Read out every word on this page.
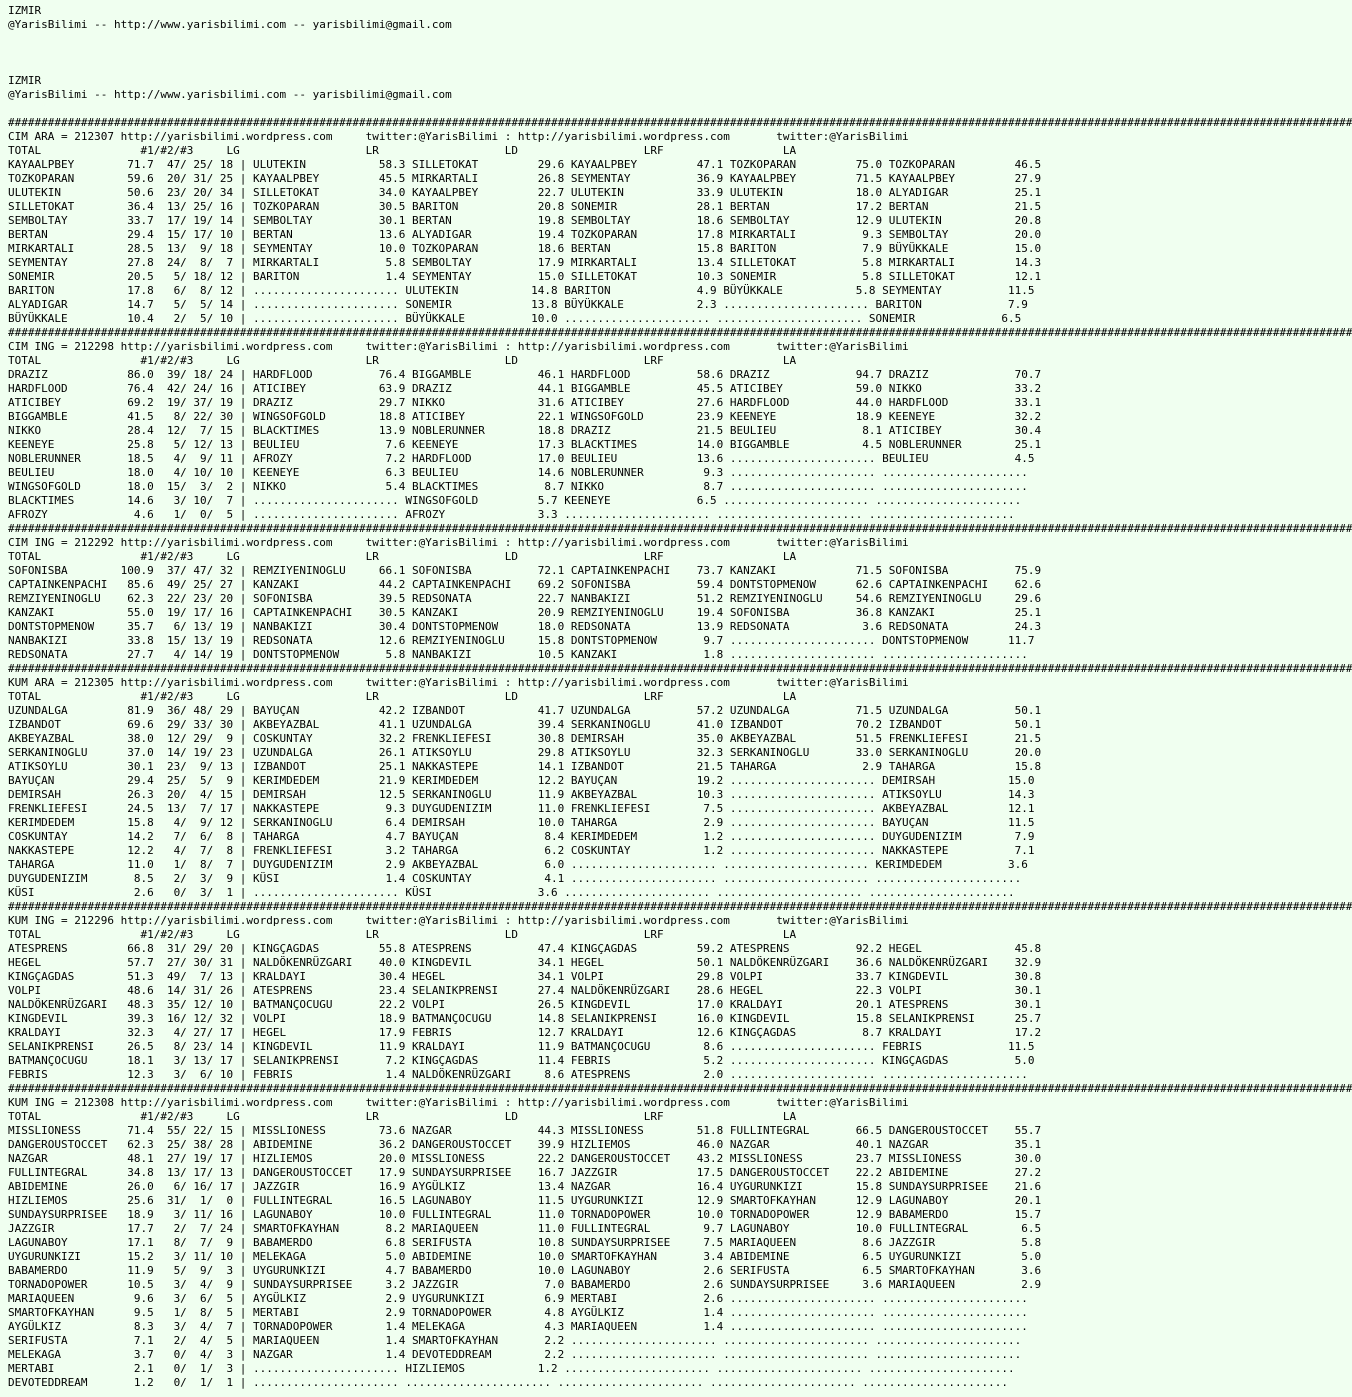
IZMIR
@YarisBilimi -- http://www.yarisbilimi.com -- yarisbilimi@gmail.com
IZMIR
@YarisBilimi -- http://www.yarisbilimi.com -- yarisbilimi@gmail.com
###########################################################################################################################################################################################################
CIM ARA = 212307 http://yarisbilimi.wordpress.com     twitter:@YarisBilimi : http://yarisbilimi.wordpress.com       twitter:@YarisBilimi
TOTAL               #1/#2/#3     LG                   LR                   LD                   LRF                  LA
KAYAALPBEY        71.7  47/ 25/ 18 | ULUTEKIN           58.3 SILLETOKAT         29.6 KAYAALPBEY         47.1 TOZKOPARAN         75.0 TOZKOPARAN         46.5
TOZKOPARAN        59.6  20/ 31/ 25 | KAYAALPBEY         45.5 MIRKARTALI         26.8 SEYMENTAY          36.9 KAYAALPBEY         71.5 KAYAALPBEY         27.9
ULUTEKIN          50.6  23/ 20/ 34 | SILLETOKAT         34.0 KAYAALPBEY         22.7 ULUTEKIN           33.9 ULUTEKIN           18.0 ALYADIGAR          25.1
SILLETOKAT        36.4  13/ 25/ 16 | TOZKOPARAN         30.5 BARITON            20.8 SONEMIR            28.1 BERTAN             17.2 BERTAN             21.5
SEMBOLTAY         33.7  17/ 19/ 14 | SEMBOLTAY          30.1 BERTAN             19.8 SEMBOLTAY          18.6 SEMBOLTAY          12.9 ULUTEKIN           20.8
BERTAN            29.4  15/ 17/ 10 | BERTAN             13.6 ALYADIGAR          19.4 TOZKOPARAN         17.8 MIRKARTALI          9.3 SEMBOLTAY          20.0
MIRKARTALI        28.5  13/  9/ 18 | SEYMENTAY          10.0 TOZKOPARAN         18.6 BERTAN             15.8 BARITON             7.9 BÜYÜKKALE          15.0
SEYMENTAY         27.8  24/  8/  7 | MIRKARTALI          5.8 SEMBOLTAY          17.9 MIRKARTALI         13.4 SILLETOKAT          5.8 MIRKARTALI         14.3
SONEMIR           20.5   5/ 18/ 12 | BARITON             1.4 SEYMENTAY          15.0 SILLETOKAT         10.3 SONEMIR             5.8 SILLETOKAT         12.1
BARITON           17.8   6/  8/ 12 | ...................... ULUTEKIN           14.8 BARITON             4.9 BÜYÜKKALE           5.8 SEYMENTAY          11.5
ALYADIGAR         14.7   5/  5/ 14 | ...................... SONEMIR            13.8 BÜYÜKKALE           2.3 ...................... BARITON             7.9
BÜYÜKKALE         10.4   2/  5/ 10 | ...................... BÜYÜKKALE          10.0 ...................... ...................... SONEMIR             6.5
###########################################################################################################################################################################################################
CIM ING = 212298 http://yarisbilimi.wordpress.com     twitter:@YarisBilimi : http://yarisbilimi.wordpress.com       twitter:@YarisBilimi
TOTAL               #1/#2/#3     LG                   LR                   LD                   LRF                  LA
DRAZIZ            86.0  39/ 18/ 24 | HARDFLOOD          76.4 BIGGAMBLE          46.1 HARDFLOOD          58.6 DRAZIZ             94.7 DRAZIZ             70.7
HARDFLOOD         76.4  42/ 24/ 16 | ATICIBEY           63.9 DRAZIZ             44.1 BIGGAMBLE          45.5 ATICIBEY           59.0 NIKKO              33.2
ATICIBEY          69.2  19/ 37/ 19 | DRAZIZ             29.7 NIKKO              31.6 ATICIBEY           27.6 HARDFLOOD          44.0 HARDFLOOD          33.1
BIGGAMBLE         41.5   8/ 22/ 30 | WINGSOFGOLD        18.8 ATICIBEY           22.1 WINGSOFGOLD        23.9 KEENEYE            18.9 KEENEYE            32.2
NIKKO             28.4  12/  7/ 15 | BLACKTIMES         13.9 NOBLERUNNER        18.8 DRAZIZ             21.5 BEULIEU             8.1 ATICIBEY           30.4
KEENEYE           25.8   5/ 12/ 13 | BEULIEU             7.6 KEENEYE            17.3 BLACKTIMES         14.0 BIGGAMBLE           4.5 NOBLERUNNER        25.1
NOBLERUNNER       18.5   4/  9/ 11 | AFROZY              7.2 HARDFLOOD          17.0 BEULIEU            13.6 ...................... BEULIEU             4.5
BEULIEU           18.0   4/ 10/ 10 | KEENEYE             6.3 BEULIEU            14.6 NOBLERUNNER         9.3 ...................... ......................
WINGSOFGOLD       18.0  15/  3/  2 | NIKKO               5.4 BLACKTIMES          8.7 NIKKO               8.7 ...................... ......................
BLACKTIMES        14.6   3/ 10/  7 | ...................... WINGSOFGOLD         5.7 KEENEYE             6.5 ...................... ......................
AFROZY             4.6   1/  0/  5 | ...................... AFROZY              3.3 ...................... ...................... ......................
###########################################################################################################################################################################################################
CIM ING = 212292 http://yarisbilimi.wordpress.com     twitter:@YarisBilimi : http://yarisbilimi.wordpress.com       twitter:@YarisBilimi
TOTAL               #1/#2/#3     LG                   LR                   LD                   LRF                  LA
SOFONISBA        100.9  37/ 47/ 32 | REMZIYENINOGLU     66.1 SOFONISBA          72.1 CAPTAINKENPACHI    73.7 KANZAKI            71.5 SOFONISBA          75.9
CAPTAINKENPACHI   85.6  49/ 25/ 27 | KANZAKI            44.2 CAPTAINKENPACHI    69.2 SOFONISBA          59.4 DONTSTOPMENOW      62.6 CAPTAINKENPACHI    62.6
REMZIYENINOGLU    62.3  22/ 23/ 20 | SOFONISBA          39.5 REDSONATA          22.7 NANBAKIZI          51.2 REMZIYENINOGLU     54.6 REMZIYENINOGLU     29.6
KANZAKI           55.0  19/ 17/ 16 | CAPTAINKENPACHI    30.5 KANZAKI            20.9 REMZIYENINOGLU     19.4 SOFONISBA          36.8 KANZAKI            25.1
DONTSTOPMENOW     35.7   6/ 13/ 19 | NANBAKIZI          30.4 DONTSTOPMENOW      18.0 REDSONATA          13.9 REDSONATA           3.6 REDSONATA          24.3
NANBAKIZI         33.8  15/ 13/ 19 | REDSONATA          12.6 REMZIYENINOGLU     15.8 DONTSTOPMENOW       9.7 ...................... DONTSTOPMENOW      11.7
REDSONATA         27.7   4/ 14/ 19 | DONTSTOPMENOW       5.8 NANBAKIZI          10.5 KANZAKI             1.8 ...................... ......................
###########################################################################################################################################################################################################
KUM ARA = 212305 http://yarisbilimi.wordpress.com     twitter:@YarisBilimi : http://yarisbilimi.wordpress.com       twitter:@YarisBilimi
TOTAL               #1/#2/#3     LG                   LR                   LD                   LRF                  LA
UZUNDALGA         81.9  36/ 48/ 29 | BAYUÇAN            42.2 IZBANDOT           41.7 UZUNDALGA          57.2 UZUNDALGA          71.5 UZUNDALGA          50.1
IZBANDOT          69.6  29/ 33/ 30 | AKBEYAZBAL         41.1 UZUNDALGA          39.4 SERKANINOGLU       41.0 IZBANDOT           70.2 IZBANDOT           50.1
AKBEYAZBAL        38.0  12/ 29/  9 | COSKUNTAY          32.2 FRENKLIEFESI       30.8 DEMIRSAH           35.0 AKBEYAZBAL         51.5 FRENKLIEFESI       21.5
SERKANINOGLU      37.0  14/ 19/ 23 | UZUNDALGA          26.1 ATIKSOYLU          29.8 ATIKSOYLU          32.3 SERKANINOGLU       33.0 SERKANINOGLU       20.0
ATIKSOYLU         30.1  23/  9/ 13 | IZBANDOT           25.1 NAKKASTEPE         14.1 IZBANDOT           21.5 TAHARGA             2.9 TAHARGA            15.8
BAYUÇAN           29.4  25/  5/  9 | KERIMDEDEM         21.9 KERIMDEDEM         12.2 BAYUÇAN            19.2 ...................... DEMIRSAH           15.0
DEMIRSAH          26.3  20/  4/ 15 | DEMIRSAH           12.5 SERKANINOGLU       11.9 AKBEYAZBAL         10.3 ...................... ATIKSOYLU          14.3
FRENKLIEFESI      24.5  13/  7/ 17 | NAKKASTEPE          9.3 DUYGUDENIZIM       11.0 FRENKLIEFESI        7.5 ...................... AKBEYAZBAL         12.1
KERIMDEDEM        15.8   4/  9/ 12 | SERKANINOGLU        6.4 DEMIRSAH           10.0 TAHARGA             2.9 ...................... BAYUÇAN            11.5
COSKUNTAY         14.2   7/  6/  8 | TAHARGA             4.7 BAYUÇAN             8.4 KERIMDEDEM          1.2 ...................... DUYGUDENIZIM        7.9
NAKKASTEPE        12.2   4/  7/  8 | FRENKLIEFESI        3.2 TAHARGA             6.2 COSKUNTAY           1.2 ...................... NAKKASTEPE          7.1
TAHARGA           11.0   1/  8/  7 | DUYGUDENIZIM        2.9 AKBEYAZBAL          6.0 ...................... ...................... KERIMDEDEM          3.6
DUYGUDENIZIM       8.5   2/  3/  9 | KÜSI                1.4 COSKUNTAY           4.1 ...................... ...................... ......................
KÜSI               2.6   0/  3/  1 | ...................... KÜSI                3.6 ...................... ...................... ......................
###########################################################################################################################################################################################################
KUM ING = 212296 http://yarisbilimi.wordpress.com     twitter:@YarisBilimi : http://yarisbilimi.wordpress.com       twitter:@YarisBilimi
TOTAL               #1/#2/#3     LG                   LR                   LD                   LRF                  LA
ATESPRENS         66.8  31/ 29/ 20 | KINGÇAGDAS         55.8 ATESPRENS          47.4 KINGÇAGDAS         59.2 ATESPRENS          92.2 HEGEL              45.8
HEGEL             57.7  27/ 30/ 31 | NALDÖKENRÜZGARI    40.0 KINGDEVIL          34.1 HEGEL              50.1 NALDÖKENRÜZGARI    36.6 NALDÖKENRÜZGARI    32.9
KINGÇAGDAS        51.3  49/  7/ 13 | KRALDAYI           30.4 HEGEL              34.1 VOLPI              29.8 VOLPI              33.7 KINGDEVIL          30.8
VOLPI             48.6  14/ 31/ 26 | ATESPRENS          23.4 SELANIKPRENSI      27.4 NALDÖKENRÜZGARI    28.6 HEGEL              22.3 VOLPI              30.1
NALDÖKENRÜZGARI   48.3  35/ 12/ 10 | BATMANÇOCUGU       22.2 VOLPI              26.5 KINGDEVIL          17.0 KRALDAYI           20.1 ATESPRENS          30.1
KINGDEVIL         39.3  16/ 12/ 32 | VOLPI              18.9 BATMANÇOCUGU       14.8 SELANIKPRENSI      16.0 KINGDEVIL          15.8 SELANIKPRENSI      25.7
KRALDAYI          32.3   4/ 27/ 17 | HEGEL              17.9 FEBRIS             12.7 KRALDAYI           12.6 KINGÇAGDAS          8.7 KRALDAYI           17.2
SELANIKPRENSI     26.5   8/ 23/ 14 | KINGDEVIL          11.9 KRALDAYI           11.9 BATMANÇOCUGU        8.6 ...................... FEBRIS             11.5
BATMANÇOCUGU      18.1   3/ 13/ 17 | SELANIKPRENSI       7.2 KINGÇAGDAS         11.4 FEBRIS              5.2 ...................... KINGÇAGDAS          5.0
FEBRIS            12.3   3/  6/ 10 | FEBRIS              1.4 NALDÖKENRÜZGARI     8.6 ATESPRENS           2.0 ...................... ......................
###########################################################################################################################################################################################################
KUM ING = 212308 http://yarisbilimi.wordpress.com     twitter:@YarisBilimi : http://yarisbilimi.wordpress.com       twitter:@YarisBilimi
TOTAL               #1/#2/#3     LG                   LR                   LD                   LRF                  LA
MISSLIONESS       71.4  55/ 22/ 15 | MISSLIONESS        73.6 NAZGAR             44.3 MISSLIONESS        51.8 FULLINTEGRAL       66.5 DANGEROUSTOCCET    55.7
DANGEROUSTOCCET   62.3  25/ 38/ 28 | ABIDEMINE          36.2 DANGEROUSTOCCET    39.9 HIZLIEMOS          46.0 NAZGAR             40.1 NAZGAR             35.1
NAZGAR            48.1  27/ 19/ 17 | HIZLIEMOS          20.0 MISSLIONESS        22.2 DANGEROUSTOCCET    43.2 MISSLIONESS        23.7 MISSLIONESS        30.0
FULLINTEGRAL      34.8  13/ 17/ 13 | DANGEROUSTOCCET    17.9 SUNDAYSURPRISEE    16.7 JAZZGIR            17.5 DANGEROUSTOCCET    22.2 ABIDEMINE          27.2
ABIDEMINE         26.0   6/ 16/ 17 | JAZZGIR            16.9 AYGÜLKIZ           13.4 NAZGAR             16.4 UYGURUNKIZI        15.8 SUNDAYSURPRISEE    21.6
HIZLIEMOS         25.6  31/  1/  0 | FULLINTEGRAL       16.5 LAGUNABOY          11.5 UYGURUNKIZI        12.9 SMARTOFKAYHAN      12.9 LAGUNABOY          20.1
SUNDAYSURPRISEE   18.9   3/ 11/ 16 | LAGUNABOY          10.0 FULLINTEGRAL       11.0 TORNADOPOWER       10.0 TORNADOPOWER       12.9 BABAMERDO          15.7
JAZZGIR           17.7   2/  7/ 24 | SMARTOFKAYHAN       8.2 MARIAQUEEN         11.0 FULLINTEGRAL        9.7 LAGUNABOY          10.0 FULLINTEGRAL        6.5
LAGUNABOY         17.1   8/  7/  9 | BABAMERDO           6.8 SERIFUSTA          10.8 SUNDAYSURPRISEE     7.5 MARIAQUEEN          8.6 JAZZGIR             5.8
UYGURUNKIZI       15.2   3/ 11/ 10 | MELEKAGA            5.0 ABIDEMINE          10.0 SMARTOFKAYHAN       3.4 ABIDEMINE           6.5 UYGURUNKIZI         5.0
BABAMERDO         11.9   5/  9/  3 | UYGURUNKIZI         4.7 BABAMERDO          10.0 LAGUNABOY           2.6 SERIFUSTA           6.5 SMARTOFKAYHAN       3.6
TORNADOPOWER      10.5   3/  4/  9 | SUNDAYSURPRISEE     3.2 JAZZGIR             7.0 BABAMERDO           2.6 SUNDAYSURPRISEE     3.6 MARIAQUEEN          2.9
MARIAQUEEN         9.6   3/  6/  5 | AYGÜLKIZ            2.9 UYGURUNKIZI         6.9 MERTABI             2.6 ...................... ......................
SMARTOFKAYHAN      9.5   1/  8/  5 | MERTABI             2.9 TORNADOPOWER        4.8 AYGÜLKIZ            1.4 ...................... ......................
AYGÜLKIZ           8.3   3/  4/  7 | TORNADOPOWER        1.4 MELEKAGA            4.3 MARIAQUEEN          1.4 ...................... ......................
SERIFUSTA          7.1   2/  4/  5 | MARIAQUEEN          1.4 SMARTOFKAYHAN       2.2 ...................... ...................... ......................
MELEKAGA           3.7   0/  4/  3 | NAZGAR              1.4 DEVOTEDDREAM        2.2 ...................... ...................... ......................
MERTABI            2.1   0/  1/  3 | ...................... HIZLIEMOS           1.2 ...................... ...................... ......................
DEVOTEDDREAM       1.2   0/  1/  1 | ...................... ...................... ...................... ...................... ......................
